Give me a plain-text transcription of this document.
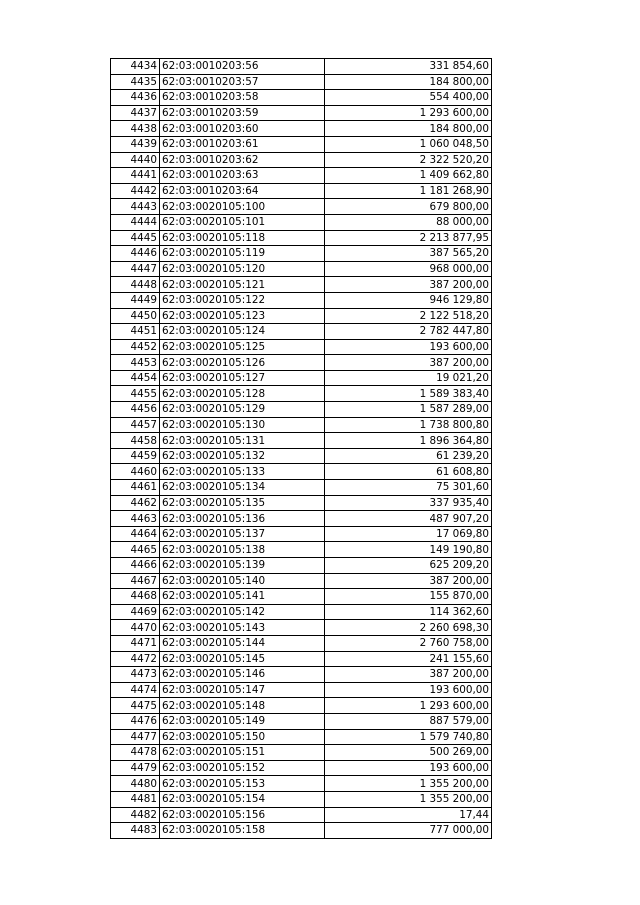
4434	62:03:0010203:56	331 854,60
4435	62:03:0010203:57	184 800,00
4436	62:03:0010203:58	554 400,00
4437	62:03:0010203:59	1 293 600,00
4438	62:03:0010203:60	184 800,00
4439	62:03:0010203:61	1 060 048,50
4440	62:03:0010203:62	2 322 520,20
4441	62:03:0010203:63	1 409 662,80
4442	62:03:0010203:64	1 181 268,90
4443	62:03:0020105:100	679 800,00
4444	62:03:0020105:101	88 000,00
4445	62:03:0020105:118	2 213 877,95
4446	62:03:0020105:119	387 565,20
4447	62:03:0020105:120	968 000,00
4448	62:03:0020105:121	387 200,00
4449	62:03:0020105:122	946 129,80
4450	62:03:0020105:123	2 122 518,20
4451	62:03:0020105:124	2 782 447,80
4452	62:03:0020105:125	193 600,00
4453	62:03:0020105:126	387 200,00
4454	62:03:0020105:127	19 021,20
4455	62:03:0020105:128	1 589 383,40
4456	62:03:0020105:129	1 587 289,00
4457	62:03:0020105:130	1 738 800,80
4458	62:03:0020105:131	1 896 364,80
4459	62:03:0020105:132	61 239,20
4460	62:03:0020105:133	61 608,80
4461	62:03:0020105:134	75 301,60
4462	62:03:0020105:135	337 935,40
4463	62:03:0020105:136	487 907,20
4464	62:03:0020105:137	17 069,80
4465	62:03:0020105:138	149 190,80
4466	62:03:0020105:139	625 209,20
4467	62:03:0020105:140	387 200,00
4468	62:03:0020105:141	155 870,00
4469	62:03:0020105:142	114 362,60
4470	62:03:0020105:143	2 260 698,30
4471	62:03:0020105:144	2 760 758,00
4472	62:03:0020105:145	241 155,60
4473	62:03:0020105:146	387 200,00
4474	62:03:0020105:147	193 600,00
4475	62:03:0020105:148	1 293 600,00
4476	62:03:0020105:149	887 579,00
4477	62:03:0020105:150	1 579 740,80
4478	62:03:0020105:151	500 269,00
4479	62:03:0020105:152	193 600,00
4480	62:03:0020105:153	1 355 200,00
4481	62:03:0020105:154	1 355 200,00
4482	62:03:0020105:156	17,44
4483	62:03:0020105:158	777 000,00
